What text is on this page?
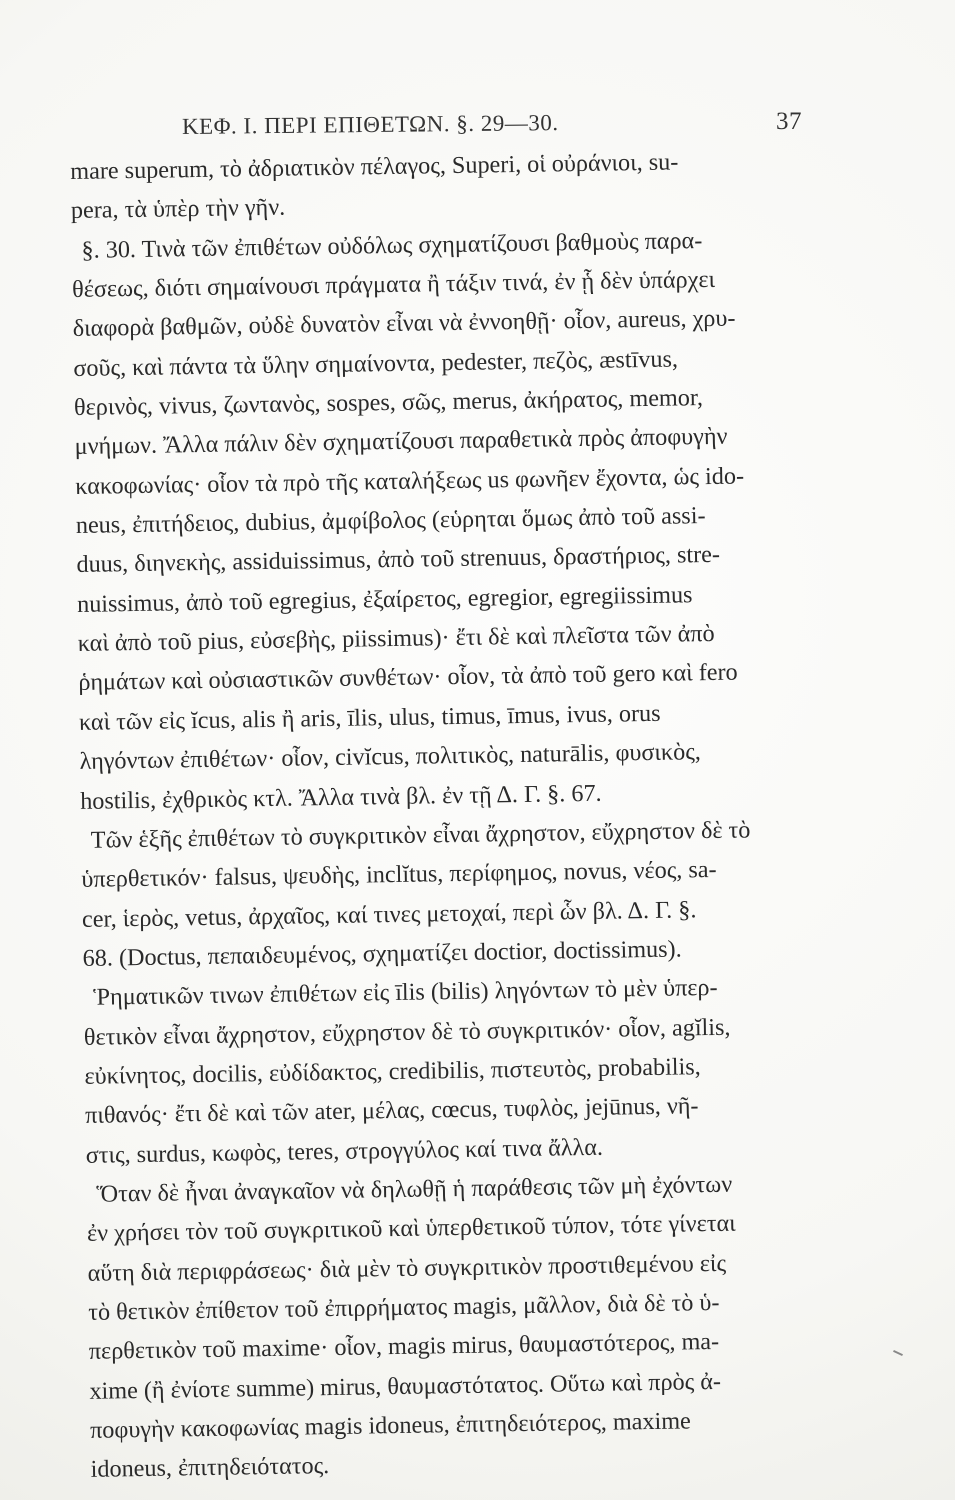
ΚΕΦ. Ι. ΠΕΡΙ ΕΠΙΘΕΤΩΝ. §. 29—30.	37
mare superum, τὸ ἀδριατικὸν πέλαγος, Superi, οἱ οὐράνιοι, su-
pera, τὰ ὑπὲρ τὴν γῆν.
§. 30. Τινὰ τῶν ἐπιθέτων οὐδόλως σχηματίζουσι βαθμοὺς παρα-
θέσεως, διότι σημαίνουσι πράγματα ἢ τάξιν τινά, ἐν ᾗ δὲν ὑπάρχει
διαφορὰ βαθμῶν, οὐδὲ δυνατὸν εἶναι νὰ ἐννοηθῇ· οἷον, aureus, χρυ-
σοῦς, καὶ πάντα τὰ ὕλην σημαίνοντα, pedester, πεζὸς, æstīvus,
θερινὸς, vivus, ζωντανὸς, sospes, σῶς, merus, ἀκήρατος, memor,
μνήμων. Ἄλλα πάλιν δὲν σχηματίζουσι παραθετικὰ πρὸς ἀποφυγὴν
κακοφωνίας· οἷον τὰ πρὸ τῆς καταλήξεως us φωνῆεν ἔχοντα, ὡς ido-
neus, ἐπιτήδειος, dubius, ἀμφίβολος (εὑρηται ὅμως ἀπὸ τοῦ assi-
duus, διηνεκὴς, assiduissimus, ἀπὸ τοῦ strenuus, δραστήριος, stre-
nuissimus, ἀπὸ τοῦ egregius, ἐξαίρετος, egregior, egregiissimus
καὶ ἀπὸ τοῦ pius, εὐσεβὴς, piissimus)· ἔτι δὲ καὶ πλεῖστα τῶν ἀπὸ
ῥημάτων καὶ οὐσιαστικῶν συνθέτων· οἷον, τὰ ἀπὸ τοῦ gero καὶ fero
καὶ τῶν εἰς ĭcus, alis ἢ aris, īlis, ulus, timus, īmus, ivus, orus
ληγόντων ἐπιθέτων· οἷον, civĭcus, πολιτικὸς, naturālis, φυσικὸς,
hostilis, ἐχθρικὸς κτλ. Ἄλλα τινὰ βλ. ἐν τῇ Δ. Γ. §. 67.
Τῶν ἑξῆς ἐπιθέτων τὸ συγκριτικὸν εἶναι ἄχρηστον, εὔχρηστον δὲ τὸ
ὑπερθετικόν· falsus, ψευδὴς, inclĭtus, περίφημος, novus, νέος, sa-
cer, ἱερὸς, vetus, ἀρχαῖος, καί τινες μετοχαί, περὶ ὧν βλ. Δ. Γ. §.
68. (Doctus, πεπαιδευμένος, σχηματίζει doctior, doctissimus).
Ῥηματικῶν τινων ἐπιθέτων εἰς īlis (bilis) ληγόντων τὸ μὲν ὑπερ-
θετικὸν εἶναι ἄχρηστον, εὔχρηστον δὲ τὸ συγκριτικόν· οἷον, agĭlis,
εὐκίνητος, docilis, εὐδίδακτος, credibilis, πιστευτὸς, probabilis,
πιθανός· ἔτι δὲ καὶ τῶν ater, μέλας, cœcus, τυφλὸς, jejūnus, νῆ-
στις, surdus, κωφὸς, teres, στρογγύλος καί τινα ἄλλα.
Ὅταν δὲ ἦναι ἀναγκαῖον νὰ δηλωθῇ ἡ παράθεσις τῶν μὴ ἐχόντων
ἐν χρήσει τὸν τοῦ συγκριτικοῦ καὶ ὑπερθετικοῦ τύπον, τότε γίνεται
αὕτη διὰ περιφράσεως· διὰ μὲν τὸ συγκριτικὸν προστιθεμένου εἰς
τὸ θετικὸν ἐπίθετον τοῦ ἐπιρρήματος magis, μᾶλλον, διὰ δὲ τὸ ὑ-
περθετικὸν τοῦ maxime· οἷον, magis mirus, θαυμαστότερος, ma-
xime (ἢ ἐνίοτε summe) mirus, θαυμαστότατος. Οὕτω καὶ πρὸς ἀ-
ποφυγὴν κακοφωνίας magis idoneus, ἐπιτηδειότερος, maxime
idoneus, ἐπιτηδειότατος.
